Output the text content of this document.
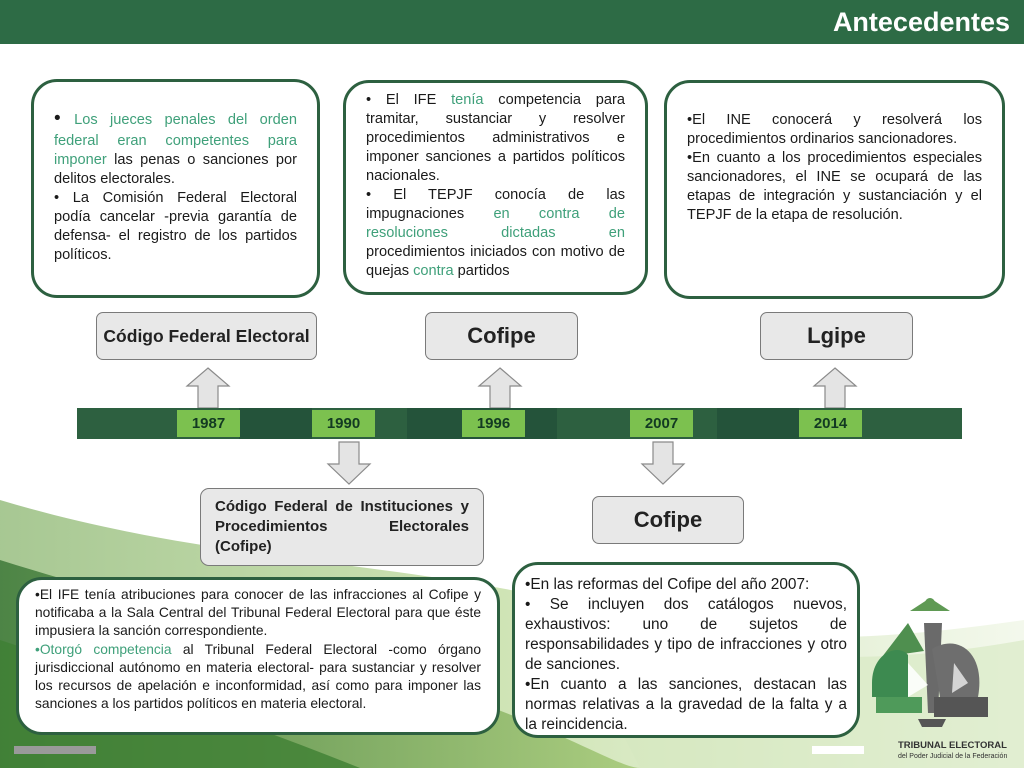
Antecedentes

• Los jueces penales del orden federal eran competentes para imponer las penas o sanciones por delitos electorales.

• La Comisión Federal Electoral podía cancelar -previa garantía de defensa- el registro de los partidos políticos.

• El IFE tenía competencia para tramitar, sustanciar y resolver procedimientos administrativos e imponer sanciones a partidos políticos nacionales.

• El TEPJF conocía de las impugnaciones en contra de resoluciones dictadas en procedimientos iniciados con motivo de quejas contra partidos

•El INE conocerá y resolverá los procedimientos ordinarios sancionadores.

•En cuanto a los procedimientos especiales sancionadores, el INE se ocupará de las etapas de integración y sustanciación y el TEPJF de la etapa de resolución.

Código Federal Electoral	Cofipe	Lgipe
1987	1990	1996	2007	2014
Código Federal de Instituciones y Procedimientos Electorales (Cofipe)
Cofipe

•El IFE tenía atribuciones para conocer de las infracciones al Cofipe y notificaba a la Sala Central del Tribunal Federal Electoral para que éste impusiera la sanción correspondiente.

•Otorgó competencia al Tribunal Federal Electoral -como órgano jurisdiccional autónomo en materia electoral- para sustanciar y resolver los recursos de apelación e inconformidad, así como para imponer las sanciones a los partidos políticos en materia electoral.

•En las reformas del Cofipe del año 2007:

• Se incluyen dos catálogos nuevos, exhaustivos: uno de sujetos de responsabilidades y tipo de infracciones y otro de sanciones.

•En cuanto a las sanciones, destacan las normas relativas a la gravedad de la falta y a la reincidencia.

TRIBUNAL ELECTORAL
del Poder Judicial de la Federación
